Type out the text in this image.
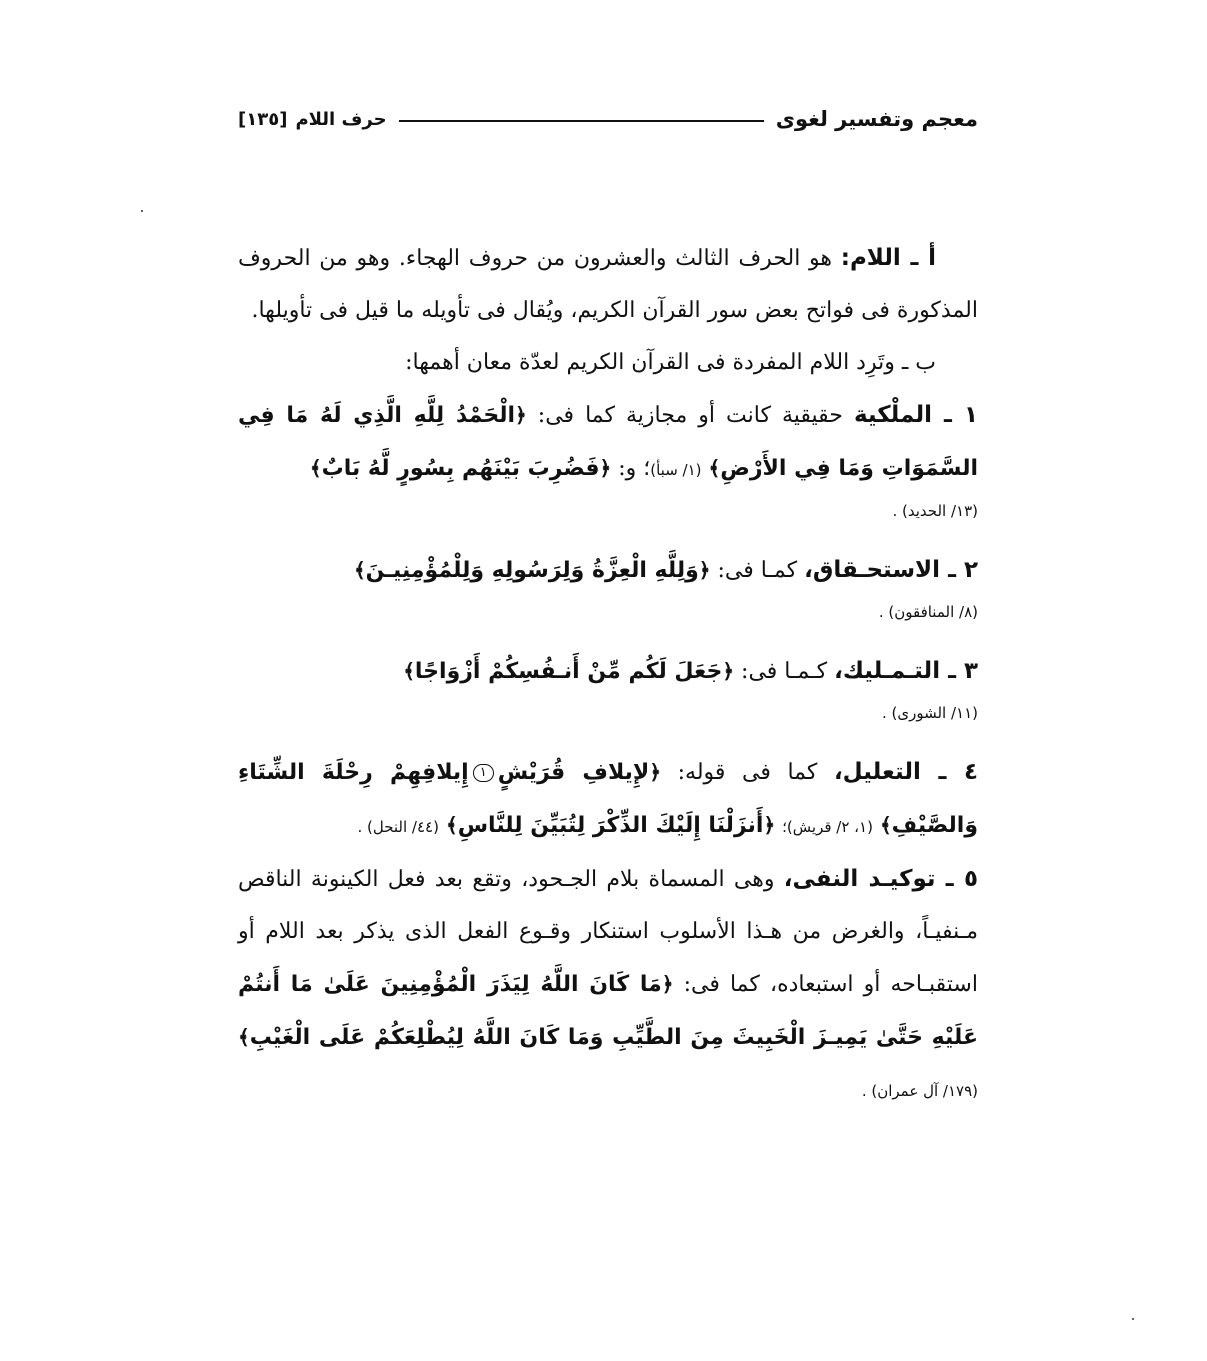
معجم وتفسير لغوى
حرف اللام
[١٣٥]

أ ـ اللام: هو الحرف الثالث والعشرون من حروف الهجاء. وهو من الحروف المذكورة فى فواتح بعض سور القرآن الكريم، ويُقال فى تأويله ما قيل فى تأويلها.

ب ـ وتَرِد اللام المفردة فى القرآن الكريم لعدّة معان أهمها:

١ ـ الملْكية حقيقية كانت أو مجازية كما فى: ﴿الْحَمْدُ لِلَّهِ الَّذِي لَهُ مَا فِي السَّمَوَاتِ وَمَا فِي الأَرْضِ﴾ (١/ سبأ)؛ و: ﴿فَضُرِبَ بَيْنَهُم بِسُورٍ لَّهُ بَابٌ﴾

(١٣/ الحديد) .

٢ ـ الاستحـقاق، كمـا فى: ﴿وَلِلَّهِ الْعِزَّةُ وَلِرَسُولِهِ وَلِلْمُؤْمِنِيـنَ﴾

(٨/ المنافقون) .

٣ ـ التـمـليك، كـمـا فى: ﴿جَعَلَ لَكُم مِّنْ أَنـفُسِكُمْ أَزْوَاجًا﴾

(١١/ الشورى) .

٤ ـ التعليل، كما فى قوله: ﴿لإِيلافِ قُرَيْشٍ١إِيلافِهِمْ رِحْلَةَ الشِّتَاءِ وَالصَّيْفِ﴾ (١، ٢/ قريش)؛ ﴿أَنزَلْنَا إِلَيْكَ الذِّكْرَ لِتُبَيِّنَ لِلنَّاسِ﴾ (٤٤/ النحل) .

٥ ـ توكيـد النفى، وهى المسماة بلام الجـحود، وتقع بعد فعل الكينونة الناقص مـنفيـاً، والغرض من هـذا الأسلوب استنكار وقـوع الفعل الذى يذكر بعد اللام أو استقبـاحه أو استبعاده، كما فى: ﴿مَا كَانَ اللَّهُ لِيَذَرَ الْمُؤْمِنِينَ عَلَىٰ مَا أَنتُمْ عَلَيْهِ حَتَّىٰ يَمِيـزَ الْخَبِيثَ مِنَ الطَّيِّبِ وَمَا كَانَ اللَّهُ لِيُطْلِعَكُمْ عَلَى الْغَيْبِ﴾ (١٧٩/ آل عمران) .
